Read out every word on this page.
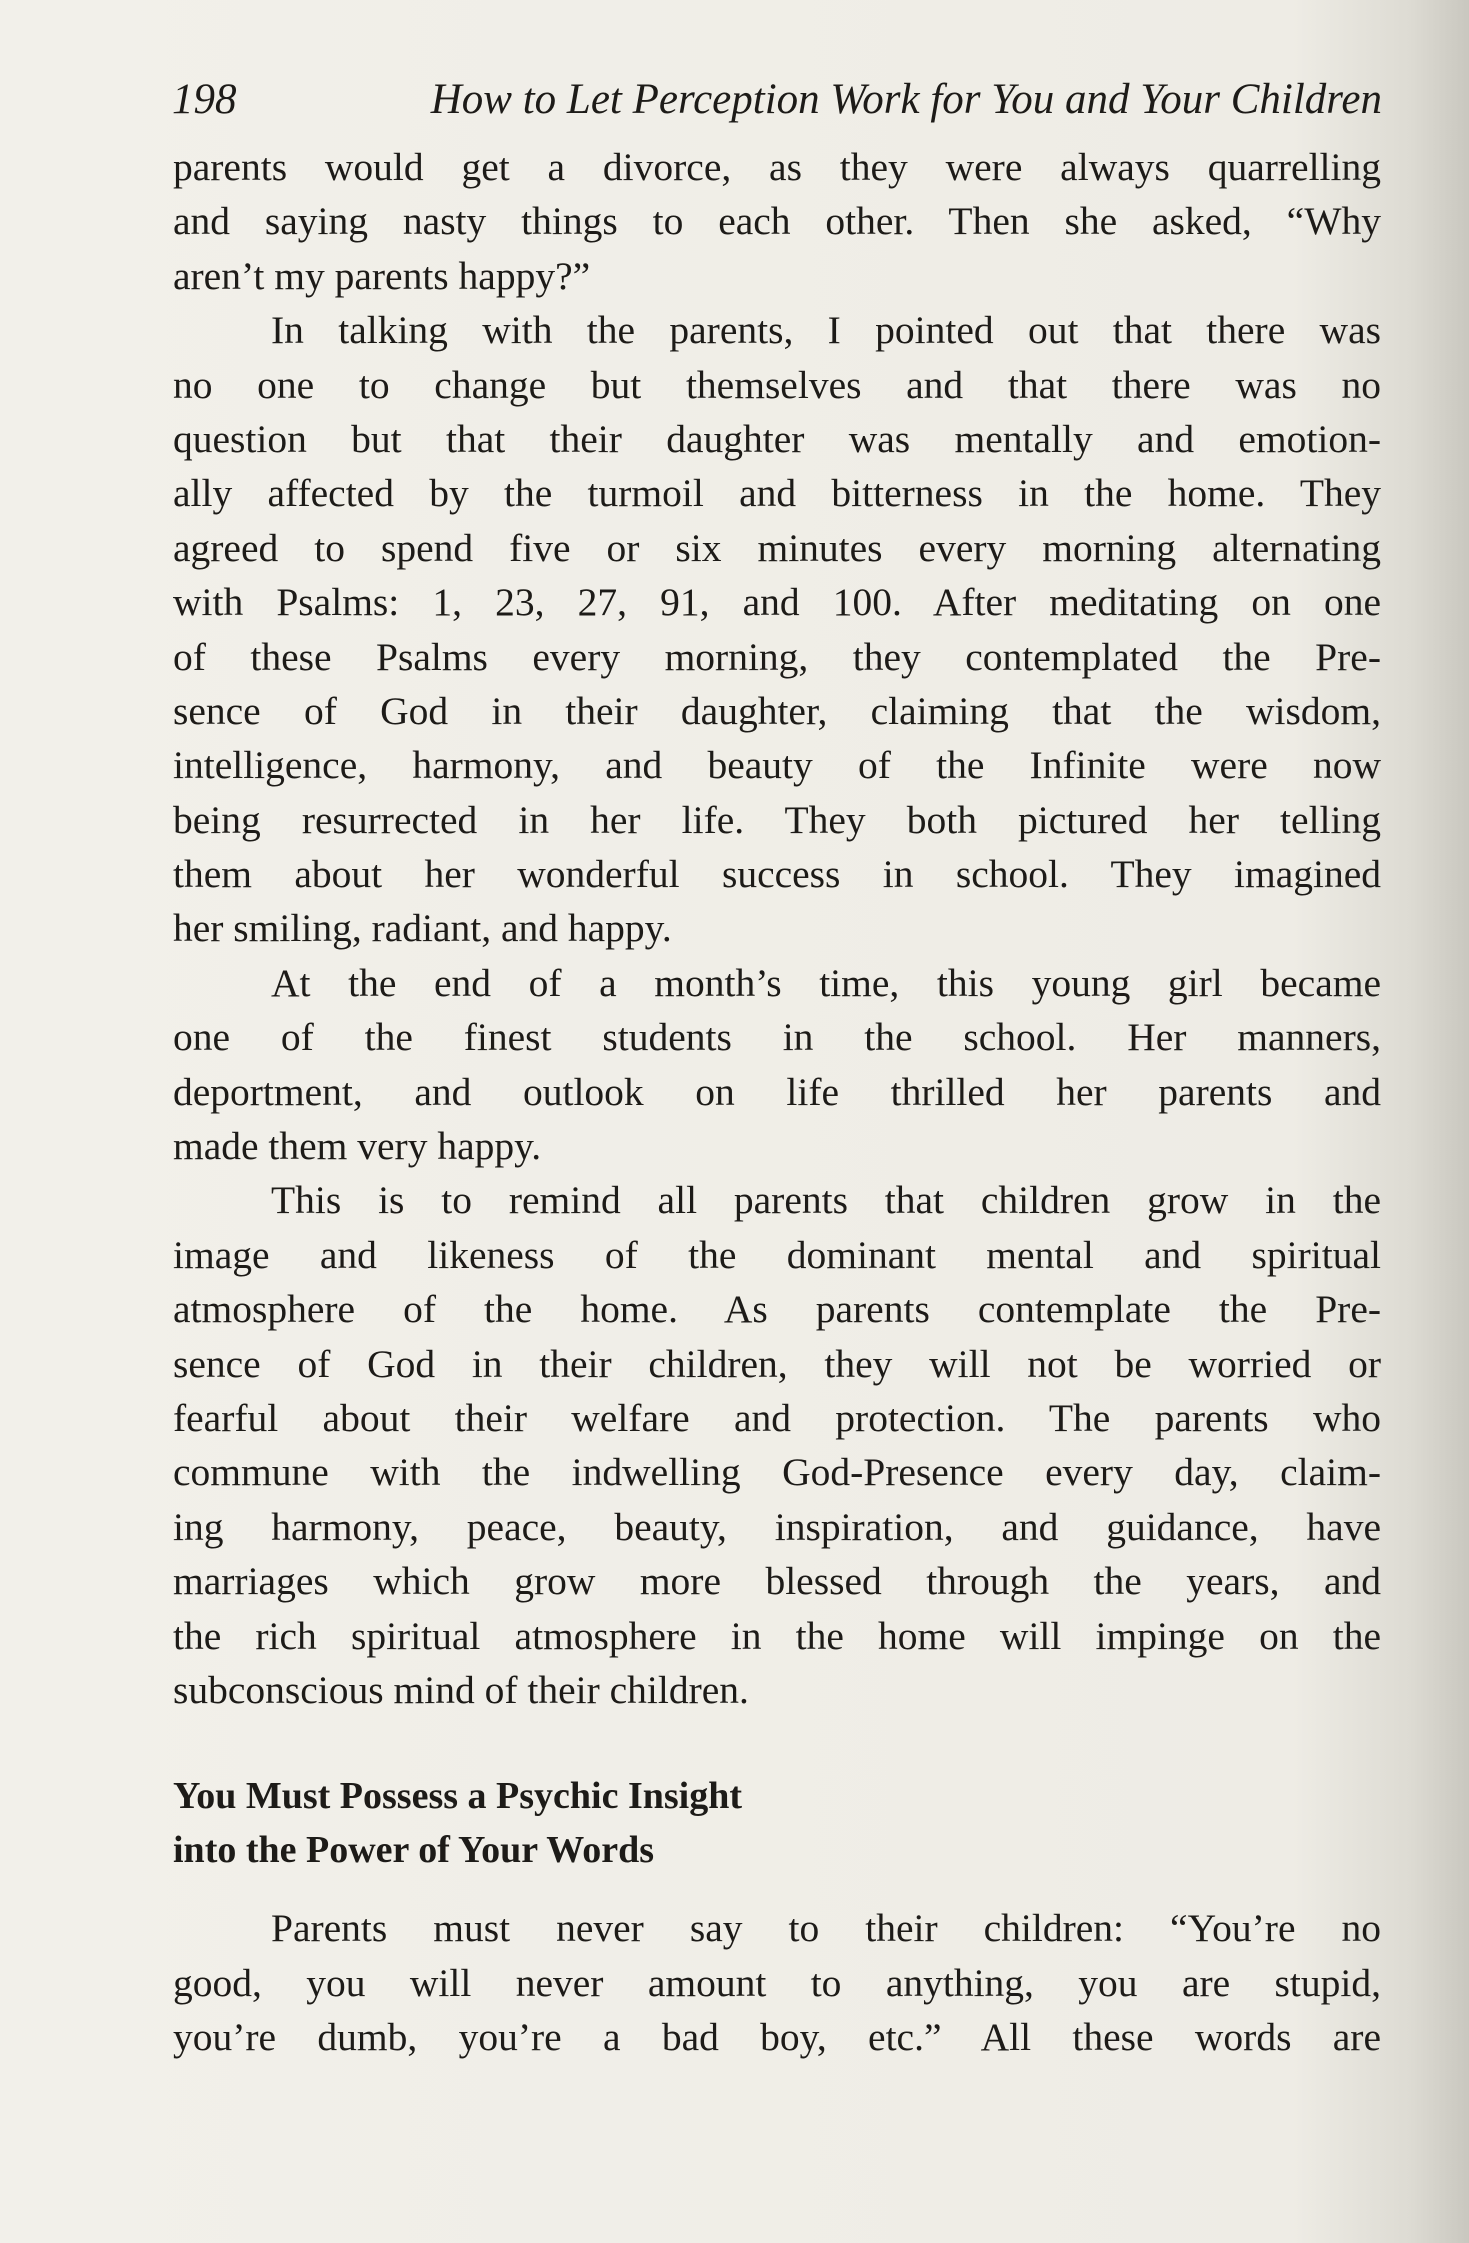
198	How to Let Perception Work for You and Your Children
parents would get a divorce, as they were always quarrelling
and saying nasty things to each other. Then she asked, “Why
aren’t my parents happy?”
In talking with the parents, I pointed out that there was
no one to change but themselves and that there was no
question but that their daughter was mentally and emotion-
ally affected by the turmoil and bitterness in the home. They
agreed to spend five or six minutes every morning alternating
with Psalms: 1, 23, 27, 91, and 100. After meditating on one
of these Psalms every morning, they contemplated the Pre-
sence of God in their daughter, claiming that the wisdom,
intelligence, harmony, and beauty of the Infinite were now
being resurrected in her life. They both pictured her telling
them about her wonderful success in school. They imagined
her smiling, radiant, and happy.
At the end of a month’s time, this young girl became
one of the finest students in the school. Her manners,
deportment, and outlook on life thrilled her parents and
made them very happy.
This is to remind all parents that children grow in the
image and likeness of the dominant mental and spiritual
atmosphere of the home. As parents contemplate the Pre-
sence of God in their children, they will not be worried or
fearful about their welfare and protection. The parents who
commune with the indwelling God-Presence every day, claim-
ing harmony, peace, beauty, inspiration, and guidance, have
marriages which grow more blessed through the years, and
the rich spiritual atmosphere in the home will impinge on the
subconscious mind of their children.
You Must Possess a Psychic Insight
into the Power of Your Words
Parents must never say to their children: “You’re no
good, you will never amount to anything, you are stupid,
you’re dumb, you’re a bad boy, etc.” All these words are
